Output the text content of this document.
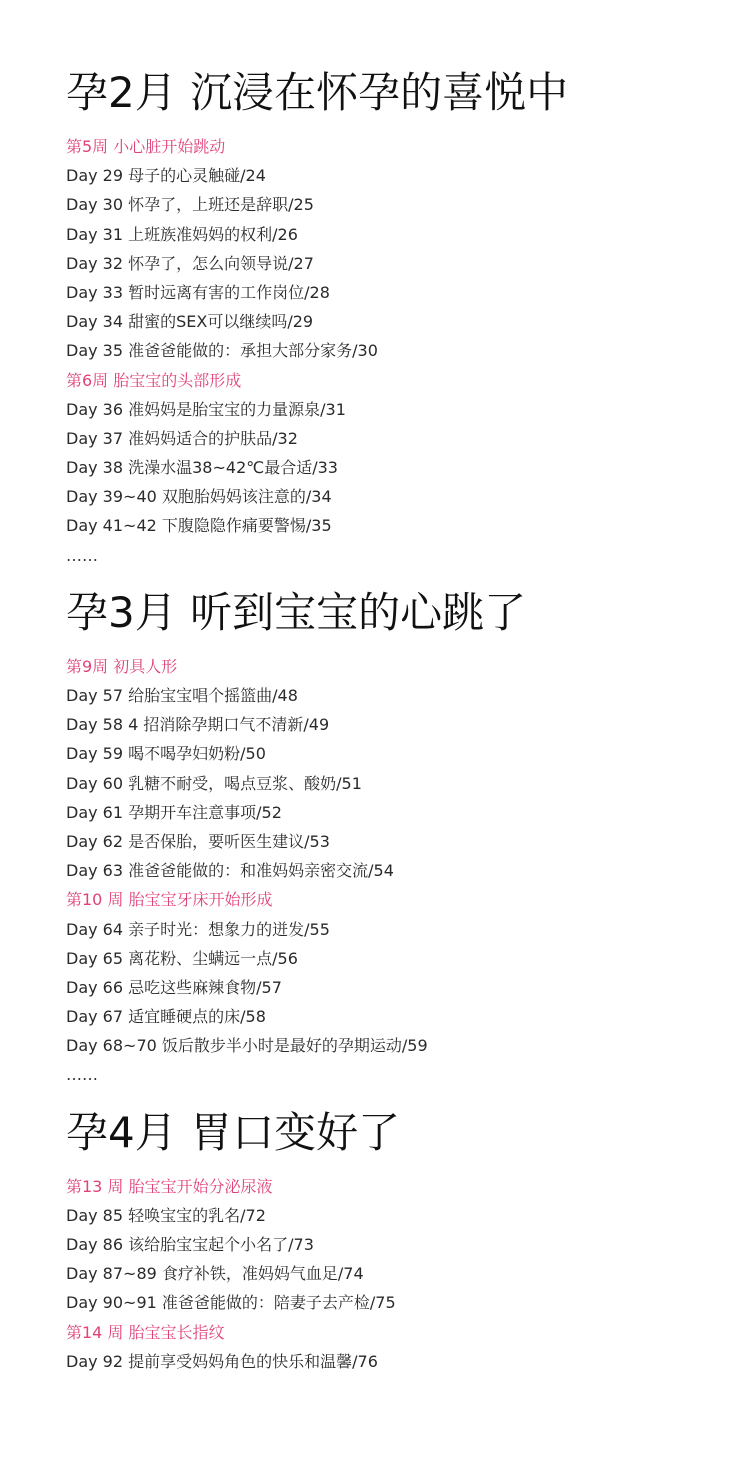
孕2月 沉浸在怀孕的喜悦中
第5周 小心脏开始跳动
Day 29 母子的心灵触碰/24
Day 30 怀孕了，上班还是辞职/25
Day 31 上班族准妈妈的权利/26
Day 32 怀孕了，怎么向领导说/27
Day 33 暂时远离有害的工作岗位/28
Day 34 甜蜜的SEX可以继续吗/29
Day 35 准爸爸能做的：承担大部分家务/30
第6周 胎宝宝的头部形成
Day 36 准妈妈是胎宝宝的力量源泉/31
Day 37 准妈妈适合的护肤品/32
Day 38 洗澡水温38~42℃最合适/33
Day 39~40 双胞胎妈妈该注意的/34
Day 41~42 下腹隐隐作痛要警惕/35
……
孕3月 听到宝宝的心跳了
第9周 初具人形
Day 57 给胎宝宝唱个摇篮曲/48
Day 58 4 招消除孕期口气不清新/49
Day 59 喝不喝孕妇奶粉/50
Day 60 乳糖不耐受，喝点豆浆、酸奶/51
Day 61 孕期开车注意事项/52
Day 62 是否保胎，要听医生建议/53
Day 63 准爸爸能做的：和准妈妈亲密交流/54
第10 周 胎宝宝牙床开始形成
Day 64 亲子时光：想象力的迸发/55
Day 65 离花粉、尘螨远一点/56
Day 66 忌吃这些麻辣食物/57
Day 67 适宜睡硬点的床/58
Day 68~70 饭后散步半小时是最好的孕期运动/59
……
孕4月 胃口变好了
第13 周 胎宝宝开始分泌尿液
Day 85 轻唤宝宝的乳名/72
Day 86 该给胎宝宝起个小名了/73
Day 87~89 食疗补铁，准妈妈气血足/74
Day 90~91 准爸爸能做的：陪妻子去产检/75
第14 周 胎宝宝长指纹
Day 92 提前享受妈妈角色的快乐和温馨/76
